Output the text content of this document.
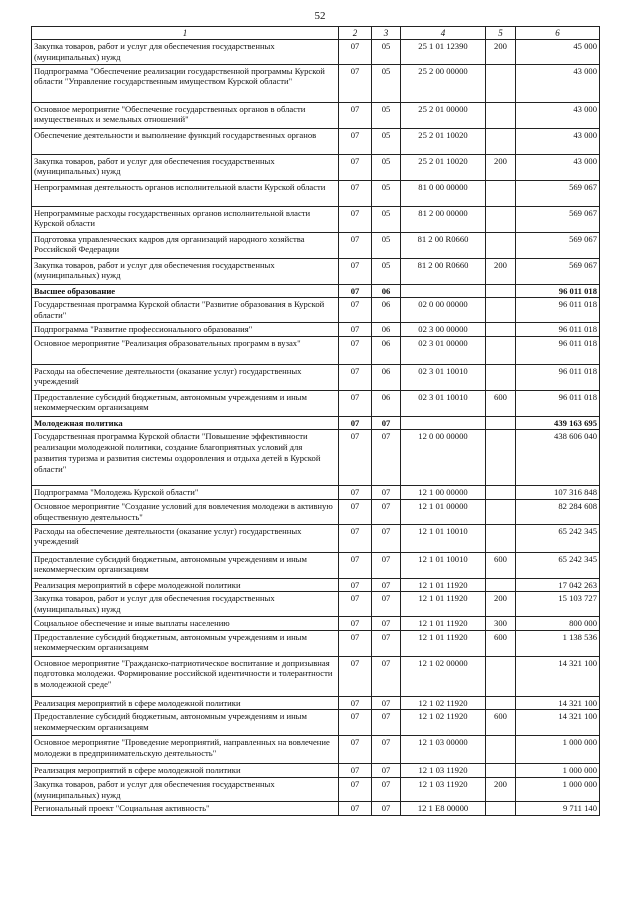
52
1	2	3	4	5	6
Закупка товаров, работ и услуг для обеспечения государственных (муниципальных) нужд	07	05	25 1 01 12390	200	45 000
Подпрограмма "Обеспечение реализации государственной программы Курской области "Управление государственным имуществом Курской области"	07	05	25 2 00 00000		43 000
Основное мероприятие "Обеспечение государственных органов в области имущественных и земельных отношений"	07	05	25 2 01 00000		43 000
Обеспечение деятельности и выполнение функций государственных органов	07	05	25 2 01 10020		43 000
Закупка товаров, работ и услуг для обеспечения государственных (муниципальных) нужд	07	05	25 2 01 10020	200	43 000
Непрограммная деятельность органов исполнительной власти Курской области	07	05	81 0 00 00000		569 067
Непрограммные расходы государственных органов исполнительной власти Курской области	07	05	81 2 00 00000		569 067
Подготовка управленческих кадров для организаций народного хозяйства Российской Федерации	07	05	81 2 00 R0660		569 067
Закупка товаров, работ и услуг для обеспечения государственных (муниципальных) нужд	07	05	81 2 00 R0660	200	569 067
Высшее образование	07	06			96 011 018
Государственная программа Курской области "Развитие образования в Курской области"	07	06	02 0 00 00000		96 011 018
Подпрограмма "Развитие профессионального образования"	07	06	02 3 00 00000		96 011 018
Основное мероприятие "Реализация образовательных программ в вузах"	07	06	02 3 01 00000		96 011 018
Расходы на обеспечение деятельности (оказание услуг) государственных учреждений	07	06	02 3 01 10010		96 011 018
Предоставление субсидий бюджетным, автономным учреждениям и иным некоммерческим организациям	07	06	02 3 01 10010	600	96 011 018
Молодежная политика	07	07			439 163 695
Государственная программа Курской области "Повышение эффективности реализации молодежной политики, создание благоприятных условий для развития туризма и развития системы оздоровления и отдыха детей в Курской области"	07	07	12 0 00 00000		438 606 040
Подпрограмма "Молодежь Курской области"	07	07	12 1 00 00000		107 316 848
Основное мероприятие "Создание условий для вовлечения молодежи в активную общественную деятельность"	07	07	12 1 01 00000		82 284 608
Расходы на обеспечение деятельности (оказание услуг) государственных учреждений	07	07	12 1 01 10010		65 242 345
Предоставление субсидий бюджетным, автономным учреждениям и иным некоммерческим организациям	07	07	12 1 01 10010	600	65 242 345
Реализация мероприятий в сфере молодежной политики	07	07	12 1 01 11920		17 042 263
Закупка товаров, работ и услуг для обеспечения государственных (муниципальных) нужд	07	07	12 1 01 11920	200	15 103 727
Социальное обеспечение и иные выплаты населению	07	07	12 1 01 11920	300	800 000
Предоставление субсидий бюджетным, автономным учреждениям и иным некоммерческим организациям	07	07	12 1 01 11920	600	1 138 536
Основное мероприятие "Гражданско-патриотическое воспитание и допризывная подготовка молодежи. Формирование российской идентичности и толерантности в молодежной среде"	07	07	12 1 02 00000		14 321 100
Реализация мероприятий в сфере молодежной политики	07	07	12 1 02 11920		14 321 100
Предоставление субсидий бюджетным, автономным учреждениям и иным некоммерческим организациям	07	07	12 1 02 11920	600	14 321 100
Основное мероприятие "Проведение мероприятий, направленных на вовлечение молодежи в предпринимательскую деятельность"	07	07	12 1 03 00000		1 000 000
Реализация мероприятий в сфере молодежной политики	07	07	12 1 03 11920		1 000 000
Закупка товаров, работ и услуг для обеспечения государственных (муниципальных) нужд	07	07	12 1 03 11920	200	1 000 000
Региональный проект "Социальная активность"	07	07	12 1 E8 00000		9 711 140
